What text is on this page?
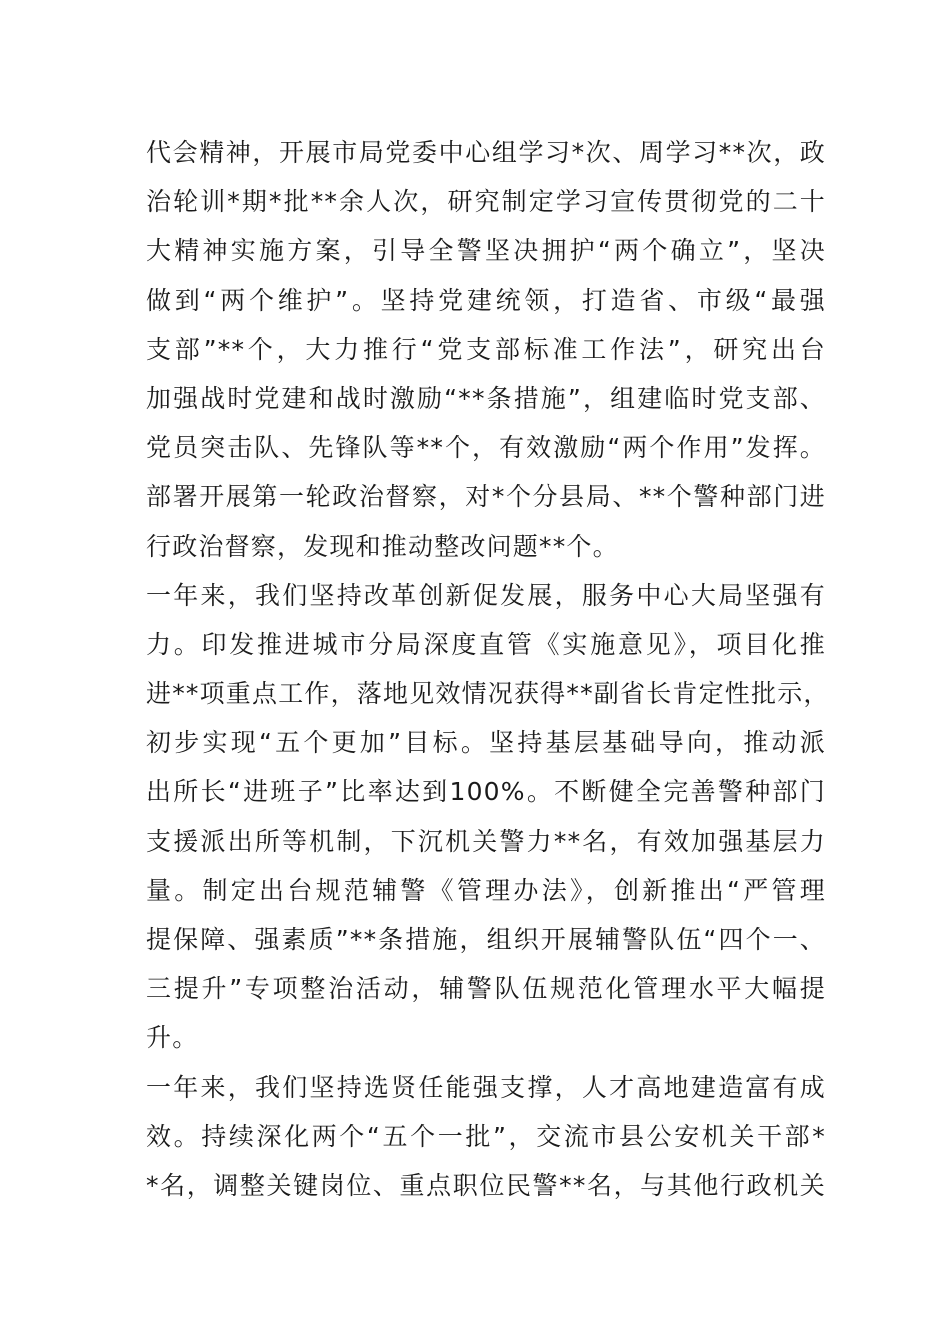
代会精神，开展市局党委中心组学习*次、周学习**次，政
治轮训*期*批**余人次，研究制定学习宣传贯彻党的二十
大精神实施方案，引导全警坚决拥护“两个确立”，坚决
做到“两个维护”。坚持党建统领，打造省、市级“最强
支部”**个，大力推行“党支部标准工作法”，研究出台
加强战时党建和战时激励“**条措施”，组建临时党支部、
党员突击队、先锋队等**个，有效激励“两个作用”发挥。
部署开展第一轮政治督察，对*个分县局、**个警种部门进
行政治督察，发现和推动整改问题**个。
一年来，我们坚持改革创新促发展，服务中心大局坚强有
力。印发推进城市分局深度直管《实施意见》，项目化推
进**项重点工作，落地见效情况获得**副省长肯定性批示，
初步实现“五个更加”目标。坚持基层基础导向，推动派
出所长“进班子”比率达到100%。不断健全完善警种部门
支援派出所等机制，下沉机关警力**名，有效加强基层力
量。制定出台规范辅警《管理办法》，创新推出“严管理
提保障、强素质”**条措施，组织开展辅警队伍“四个一、
三提升”专项整治活动，辅警队伍规范化管理水平大幅提
升。
一年来，我们坚持选贤任能强支撑，人才高地建造富有成
效。持续深化两个“五个一批”，交流市县公安机关干部*
*名，调整关键岗位、重点职位民警**名，与其他行政机关
